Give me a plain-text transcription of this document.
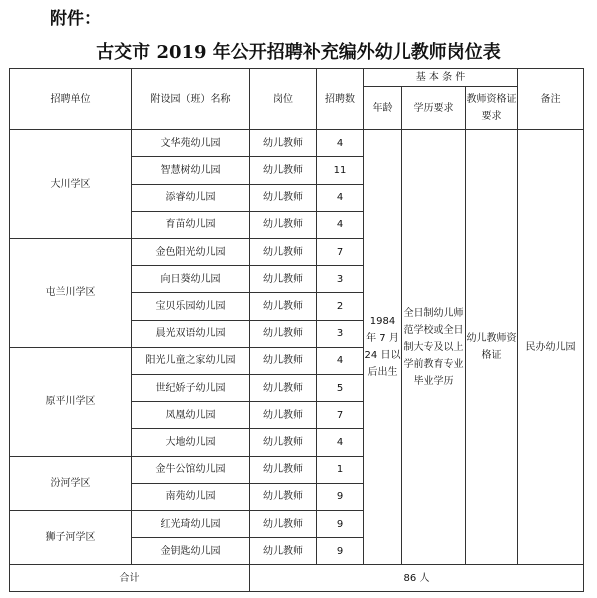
附件：
古交市 2019 年公开招聘补充编外幼儿教师岗位表
招聘单位	附设园（班）名称	岗位	招聘数	基 本 条 件			备注
				年龄	学历要求	教师资格证要求	
大川学区	文华苑幼儿园	幼儿教师	4	1984 年 7 月 24 日以后出生	全日制幼儿师范学校或全日制大专及以上学前教育专业毕业学历	幼儿教师资格证	民办幼儿园
	智慧树幼儿园	幼儿教师	11				
	添睿幼儿园	幼儿教师	4				
	育苗幼儿园	幼儿教师	4				
屯兰川学区	金色阳光幼儿园	幼儿教师	7				
	向日葵幼儿园	幼儿教师	3				
	宝贝乐园幼儿园	幼儿教师	2				
	晨光双语幼儿园	幼儿教师	3				
原平川学区	阳光儿童之家幼儿园	幼儿教师	4				
	世纪娇子幼儿园	幼儿教师	5				
	凤凰幼儿园	幼儿教师	7				
	大地幼儿园	幼儿教师	4				
汾河学区	金牛公馆幼儿园	幼儿教师	1				
	南苑幼儿园	幼儿教师	9				
狮子河学区	红光琦幼儿园	幼儿教师	9				
	金钥匙幼儿园	幼儿教师	9				
合计		86 人					
